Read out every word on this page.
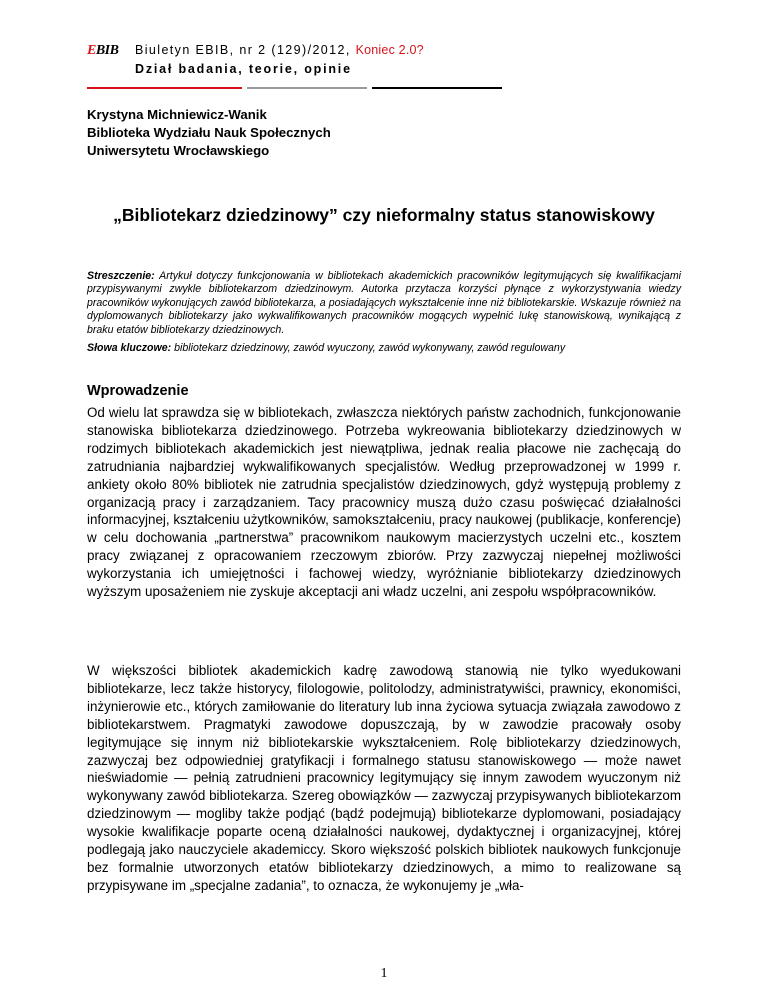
EBIB Biuletyn EBIB, nr 2 (129)/2012, Koniec 2.0?
Dział badania, teorie, opinie
Krystyna Michniewicz-Wanik
Biblioteka Wydziału Nauk Społecznych
Uniwersytetu Wrocławskiego
„Bibliotekarz dziedzinowy” czy nieformalny status stanowiskowy
Streszczenie: Artykuł dotyczy funkcjonowania w bibliotekach akademickich pracowników legitymujących się kwalifikacjami przypisywanymi zwykle bibliotekarzom dziedzinowym. Autorka przytacza korzyści płynące z wykorzystywania wiedzy pracowników wykonujących zawód bibliotekarza, a posiadających wykształcenie inne niż bibliotekarskie. Wskazuje również na dyplomowanych bibliotekarzy jako wykwalifikowanych pracowników mogących wypełnić lukę stanowiskową, wynikającą z braku etatów bibliotekarzy dziedzinowych.
Słowa kluczowe: bibliotekarz dziedzinowy, zawód wyuczony, zawód wykonywany, zawód regulowany
Wprowadzenie
Od wielu lat sprawdza się w bibliotekach, zwłaszcza niektórych państw zachodnich, funkcjonowanie stanowiska bibliotekarza dziedzinowego. Potrzeba wykreowania bibliotekarzy dziedzinowych w rodzimych bibliotekach akademickich jest niewątpliwa, jednak realia płacowe nie zachęcają do zatrudniania najbardziej wykwalifikowanych specjalistów. Według przeprowadzonej w 1999 r. ankiety około 80% bibliotek nie zatrudnia specjalistów dziedzinowych, gdyż występują problemy z organizacją pracy i zarządzaniem. Tacy pracownicy muszą dużo czasu poświęcać działalności informacyjnej, kształceniu użytkowników, samokształceniu, pracy naukowej (publikacje, konferencje) w celu dochowania „partnerstwa” pracownikom naukowym macierzystych uczelni etc., kosztem pracy związanej z opracowaniem rzeczowym zbiorów. Przy zazwyczaj niepełnej możliwości wykorzystania ich umiejętności i fachowej wiedzy, wyróżnianie bibliotekarzy dziedzinowych wyższym uposażeniem nie zyskuje akceptacji ani władz uczelni, ani zespołu współpracowników.
W większości bibliotek akademickich kadrę zawodową stanowią nie tylko wyedukowani bibliotekarze, lecz także historycy, filologowie, politolodzy, administratywiści, prawnicy, ekonomiści, inżynierowie etc., których zamiłowanie do literatury lub inna życiowa sytuacja związała zawodowo z bibliotekarstwem. Pragmatyki zawodowe dopuszczają, by w zawodzie pracowały osoby legitymujące się innym niż bibliotekarskie wykształceniem. Rolę bibliotekarzy dziedzinowych, zazwyczaj bez odpowiedniej gratyfikacji i formalnego statusu stanowiskowego — może nawet nieświadomie — pełnią zatrudnieni pracownicy legitymujący się innym zawodem wyuczonym niż wykonywany zawód bibliotekarza. Szereg obowiązków — zazwyczaj przypisywanych bibliotekarzom dziedzinowym — mogliby także podjąć (bądź podejmują) bibliotekarze dyplomowani, posiadający wysokie kwalifikacje poparte oceną działalności naukowej, dydaktycznej i organizacyjnej, której podlegają jako nauczyciele akademiccy. Skoro większość polskich bibliotek naukowych funkcjonuje bez formalnie utworzonych etatów bibliotekarzy dziedzinowych, a mimo to realizowane są przypisywane im „specjalne zadania”, to oznacza, że wykonujemy je „wła-
1
